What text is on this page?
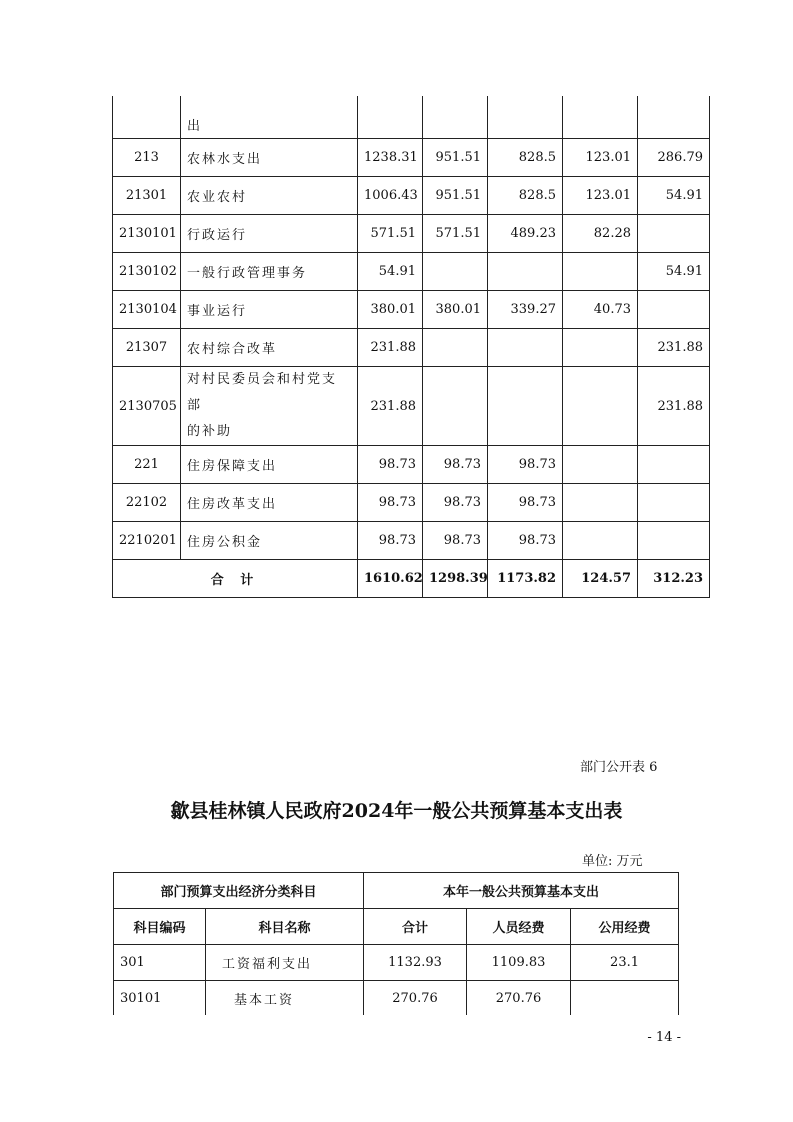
	出					
213	农林水支出	1238.31	951.51	828.5	123.01	286.79
21301	农业农村	1006.43	951.51	828.5	123.01	54.91
2130101	行政运行	571.51	571.51	489.23	82.28	
2130102	一般行政管理事务	54.91				54.91
2130104	事业运行	380.01	380.01	339.27	40.73	
21307	农村综合改革	231.88				231.88
2130705	对村民委员会和村党支部
的补助	231.88				231.88
221	住房保障支出	98.73	98.73	98.73		
22102	住房改革支出	98.73	98.73	98.73		
2210201	住房公积金	98.73	98.73	98.73		
合 计		1610.62	1298.39	1173.82	124.57	312.23
部门公开表 6
歙县桂林镇人民政府2024年一般公共预算基本支出表
单位: 万元
部门预算支出经济分类科目		本年一般公共预算基本支出		
科目编码	科目名称	合计	人员经费	公用经费
301	工资福利支出	1132.93	1109.83	23.1
30101	基本工资	270.76	270.76	
- 14 -
